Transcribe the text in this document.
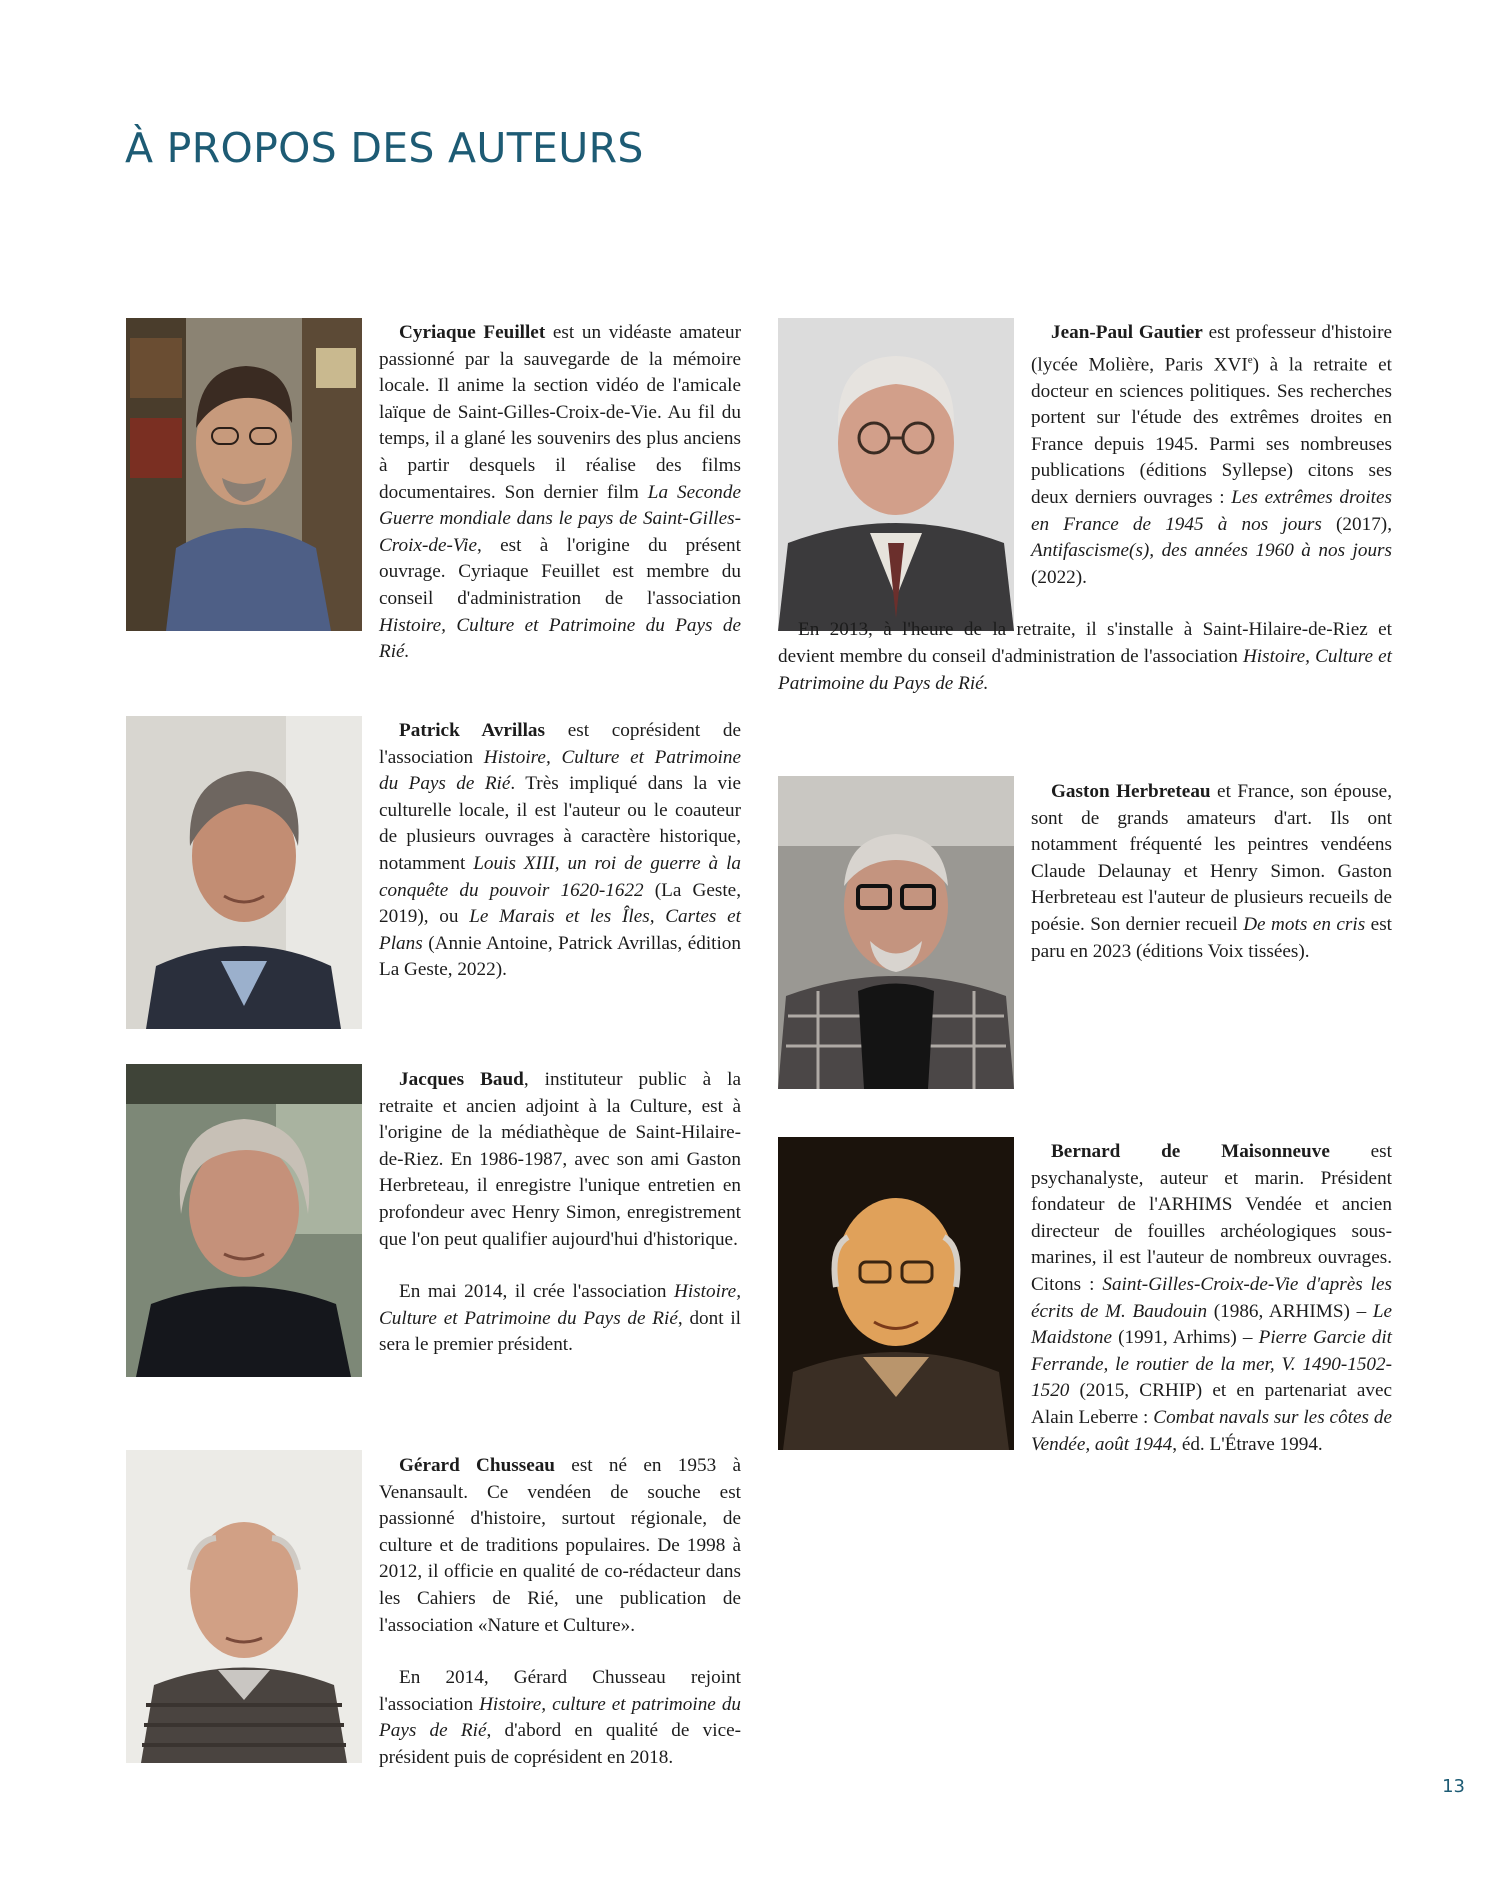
À PROPOS DES AUTEURS

Cyriaque Feuillet est un vidéaste amateur passionné par la sauvegarde de la mémoire locale. Il anime la section vidéo de l'amicale laïque de Saint-Gilles-Croix-de-Vie. Au fil du temps, il a glané les souvenirs des plus anciens à partir desquels il réalise des films documentaires. Son dernier film La Seconde Guerre mondiale dans le pays de Saint-Gilles-Croix-de-Vie, est à l'origine du présent ouvrage. Cyriaque Feuillet est membre du conseil d'administration de l'association Histoire, Culture et Patrimoine du Pays de Rié.

Patrick Avrillas est coprésident de l'association Histoire, Culture et Patrimoine du Pays de Rié. Très impliqué dans la vie culturelle locale, il est l'auteur ou le coauteur de plusieurs ouvrages à caractère historique, notamment Louis XIII, un roi de guerre à la conquête du pouvoir 1620-1622 (La Geste, 2019), ou Le Marais et les Îles, Cartes et Plans (Annie Antoine, Patrick Avrillas, édition La Geste, 2022).

Jacques Baud, instituteur public à la retraite et ancien adjoint à la Culture, est à l'origine de la médiathèque de Saint-Hilaire-de-Riez. En 1986-1987, avec son ami Gaston Herbreteau, il enregistre l'unique entretien en profondeur avec Henry Simon, enregistrement que l'on peut qualifier aujourd'hui d'historique.

En mai 2014, il crée l'association Histoire, Culture et Patrimoine du Pays de Rié, dont il sera le premier président.

Gérard Chusseau est né en 1953 à Venansault. Ce vendéen de souche est passionné d'histoire, surtout régionale, de culture et de traditions populaires. De 1998 à 2012, il officie en qualité de co-rédacteur dans les Cahiers de Rié, une publication de l'association «Nature et Culture».

En 2014, Gérard Chusseau rejoint l'association Histoire, culture et patrimoine du Pays de Rié, d'abord en qualité de vice-président puis de coprésident en 2018.

Jean-Paul Gautier est professeur d'histoire (lycée Molière, Paris XVIe) à la retraite et docteur en sciences politiques. Ses recherches portent sur l'étude des extrêmes droites en France depuis 1945. Parmi ses nombreuses publications (éditions Syllepse) citons ses deux derniers ouvrages : Les extrêmes droites en France de 1945 à nos jours (2017), Antifascisme(s), des années 1960 à nos jours (2022).

En 2013, à l'heure de la retraite, il s'installe à Saint-Hilaire-de-Riez et devient membre du conseil d'administration de l'association Histoire, Culture et Patrimoine du Pays de Rié.

Gaston Herbreteau et France, son épouse, sont de grands amateurs d'art. Ils ont notamment fréquenté les peintres vendéens Claude Delaunay et Henry Simon. Gaston Herbreteau est l'auteur de plusieurs recueils de poésie. Son dernier recueil De mots en cris est paru en 2023 (éditions Voix tissées).

Bernard de Maisonneuve est psychanalyste, auteur et marin. Président fondateur de l'ARHIMS Vendée et ancien directeur de fouilles archéologiques sous-marines, il est l'auteur de nombreux ouvrages. Citons : Saint-Gilles-Croix-de-Vie d'après les écrits de M. Baudouin (1986, ARHIMS) – Le Maidstone (1991, Arhims) – Pierre Garcie dit Ferrande, le routier de la mer, V. 1490-1502-1520 (2015, CRHIP) et en partenariat avec Alain Leberre : Combat navals sur les côtes de Vendée, août 1944, éd. L'Étrave 1994.

13
